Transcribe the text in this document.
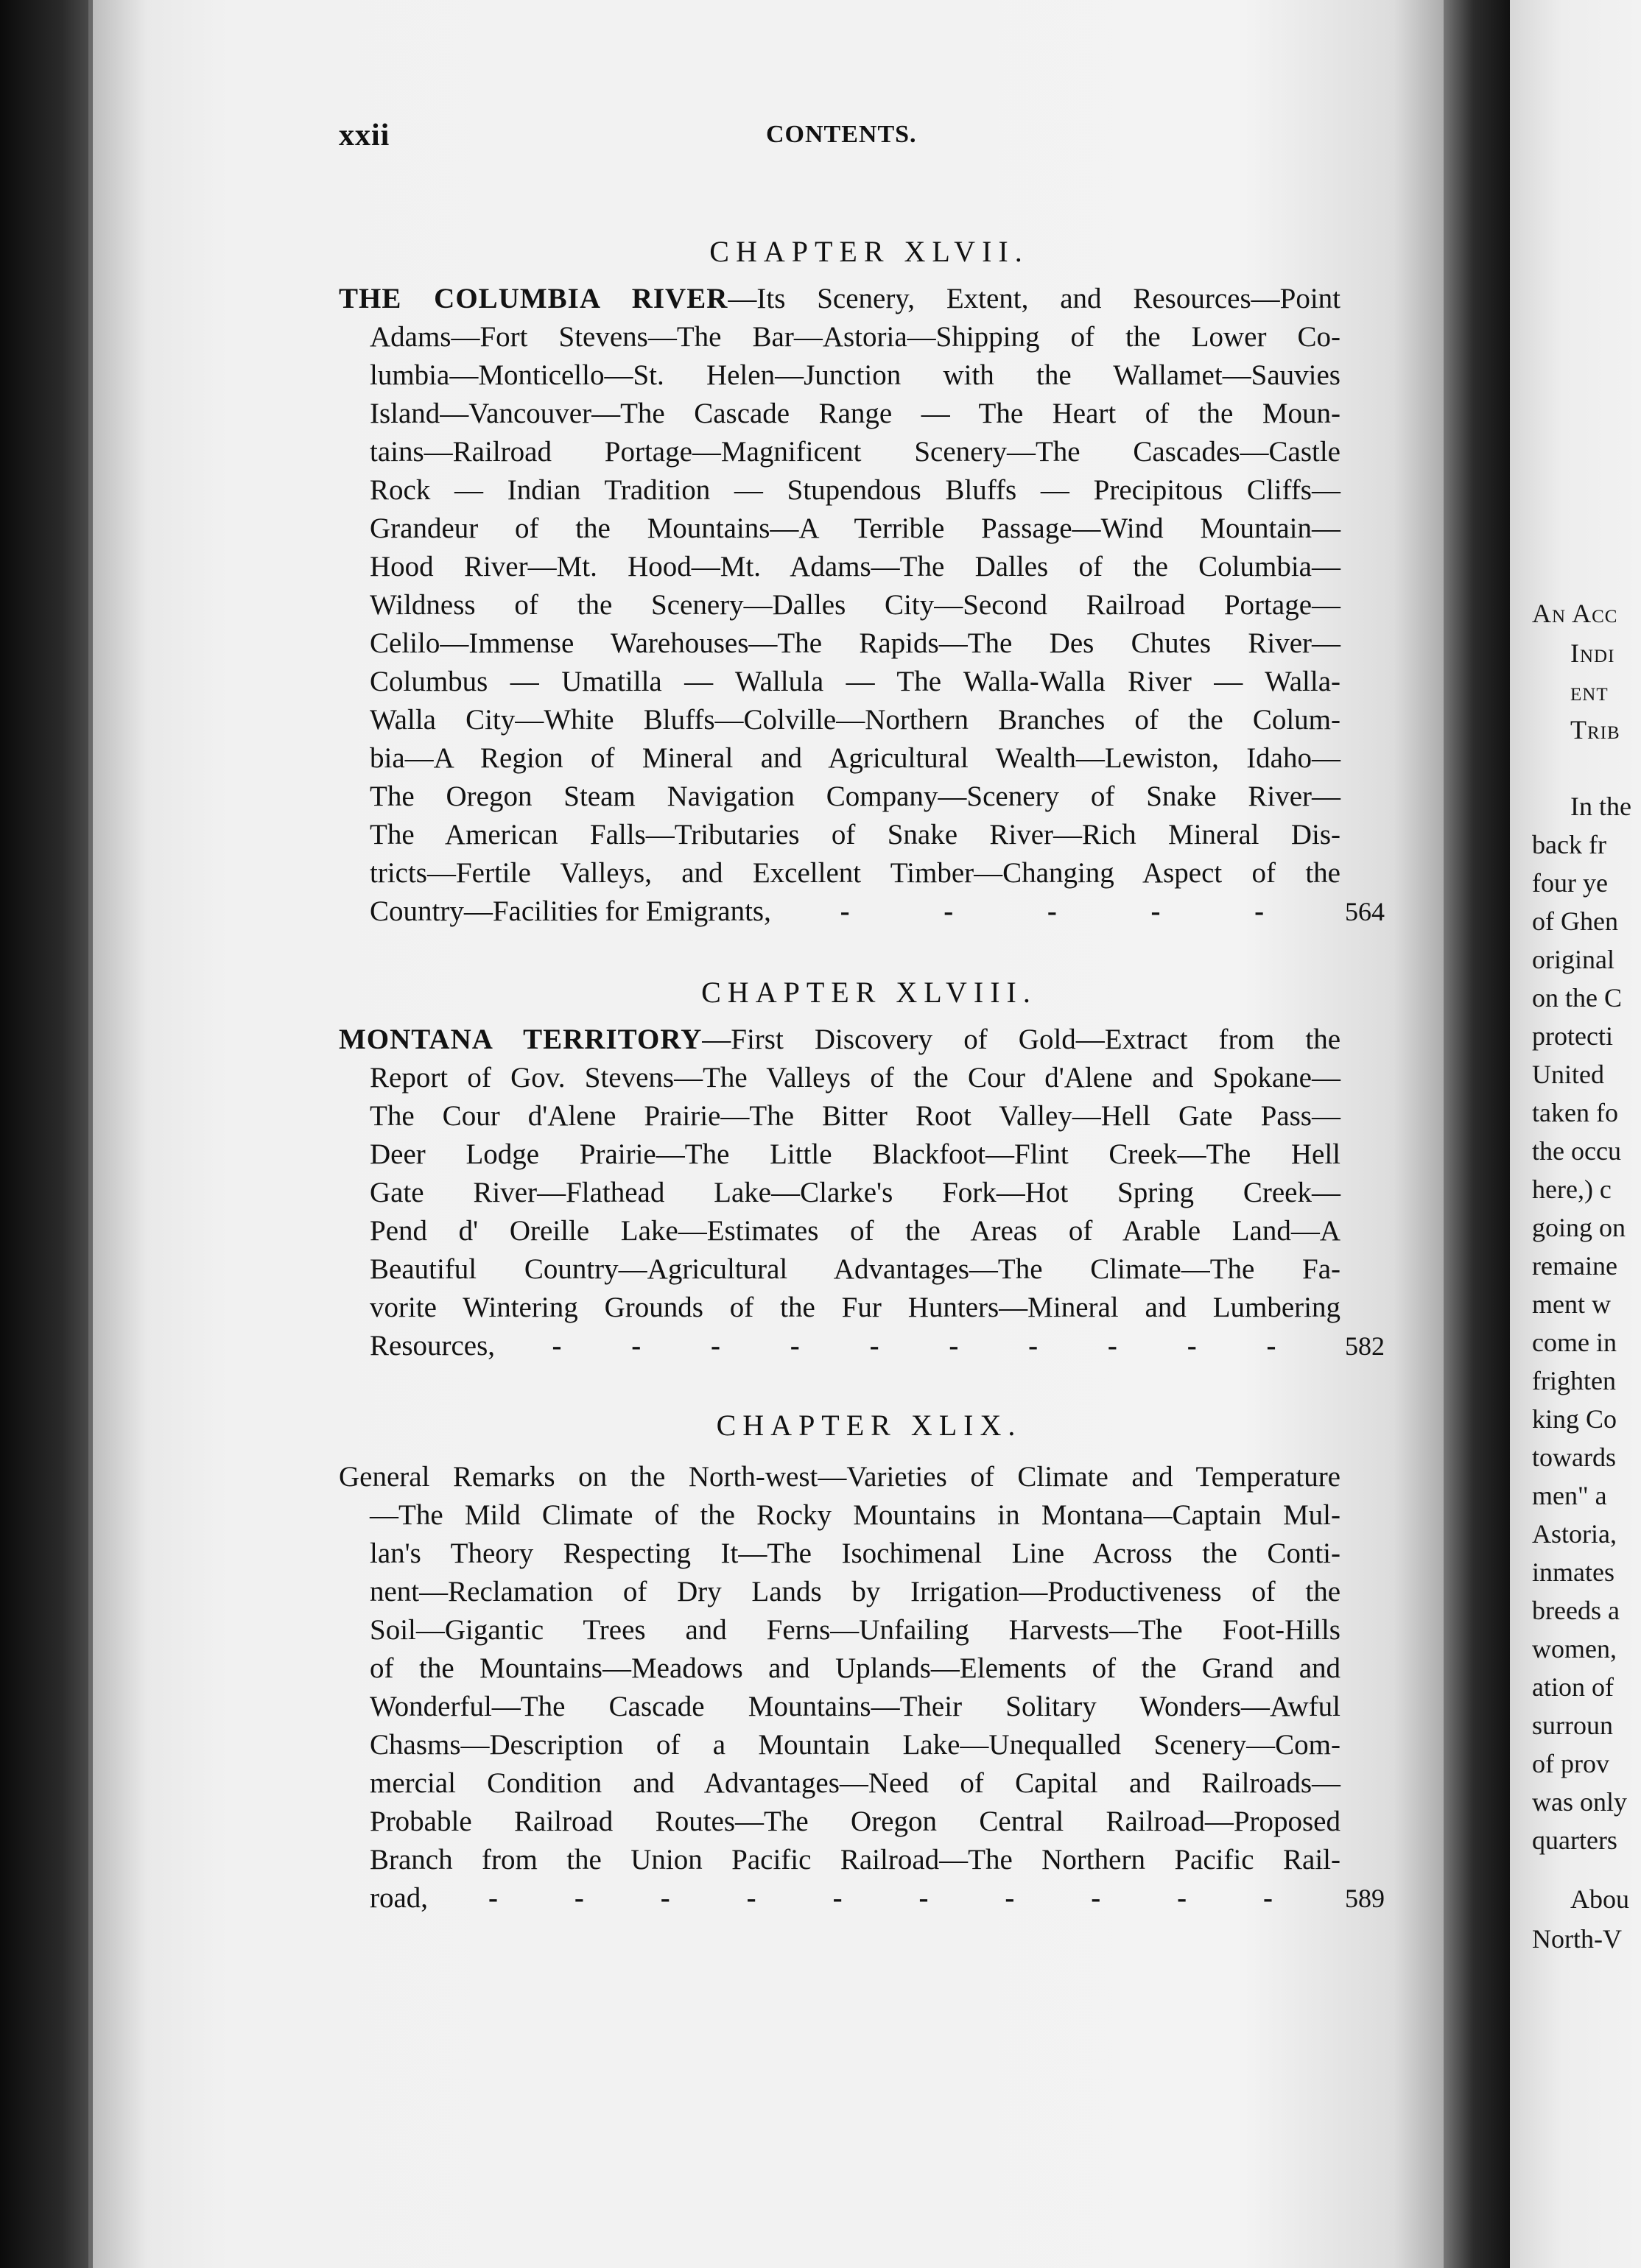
An Acc
Indi
ent
Trib
In the
back fr
four ye
of Ghen
original
on the C
protecti
United
taken fo
the occu
here,) c
going on
remaine
ment w
come in
frighten
king Co
towards
men" a
Astoria,
inmates
breeds a
women,
ation of
surroun
of prov
was only
quarters
Abou
North-V
xxii	CONTENTS.
CHAPTER XLVII.
THE COLUMBIA RIVER—Its Scenery, Extent, and Resources—Point
Adams—Fort Stevens—The Bar—Astoria—Shipping of the Lower Co-
lumbia—Monticello—St. Helen—Junction with the Wallamet—Sauvies
Island—Vancouver—The Cascade Range — The Heart of the Moun-
tains—Railroad Portage—Magnificent Scenery—The Cascades—Castle
Rock — Indian Tradition — Stupendous Bluffs — Precipitous Cliffs—
Grandeur of the Mountains—A Terrible Passage—Wind Mountain—
Hood River—Mt. Hood—Mt. Adams—The Dalles of the Columbia—
Wildness of the Scenery—Dalles City—Second Railroad Portage—
Celilo—Immense Warehouses—The Rapids—The Des Chutes River—
Columbus — Umatilla — Wallula — The Walla-Walla River — Walla-
Walla City—White Bluffs—Colville—Northern Branches of the Colum-
bia—A Region of Mineral and Agricultural Wealth—Lewiston, Idaho—
The Oregon Steam Navigation Company—Scenery of Snake River—
The American Falls—Tributaries of Snake River—Rich Mineral Dis-
tricts—Fertile Valleys, and Excellent Timber—Changing Aspect of the
Country—Facilities for Emigrants, -	-	-	-	-	564
CHAPTER XLVIII.
MONTANA TERRITORY—First Discovery of Gold—Extract from the
Report of Gov. Stevens—The Valleys of the Cour d'Alene and Spokane—
The Cour d'Alene Prairie—The Bitter Root Valley—Hell Gate Pass—
Deer Lodge Prairie—The Little Blackfoot—Flint Creek—The Hell
Gate River—Flathead Lake—Clarke's Fork—Hot Spring Creek—
Pend d' Oreille Lake—Estimates of the Areas of Arable Land—A
Beautiful Country—Agricultural Advantages—The Climate—The Fa-
vorite Wintering Grounds of the Fur Hunters—Mineral and Lumbering
Resources, - - - - - - - - - -	582
CHAPTER XLIX.
General Remarks on the North-west—Varieties of Climate and Temperature
—The Mild Climate of the Rocky Mountains in Montana—Captain Mul-
lan's Theory Respecting It—The Isochimenal Line Across the Conti-
nent—Reclamation of Dry Lands by Irrigation—Productiveness of the
Soil—Gigantic Trees and Ferns—Unfailing Harvests—The Foot-Hills
of the Mountains—Meadows and Uplands—Elements of the Grand and
Wonderful—The Cascade Mountains—Their Solitary Wonders—Awful
Chasms—Description of a Mountain Lake—Unequalled Scenery—Com-
mercial Condition and Advantages—Need of Capital and Railroads—
Probable Railroad Routes—The Oregon Central Railroad—Proposed
Branch from the Union Pacific Railroad—The Northern Pacific Rail-
road, -	-	-	-	-	-	-	-	-	-	589
